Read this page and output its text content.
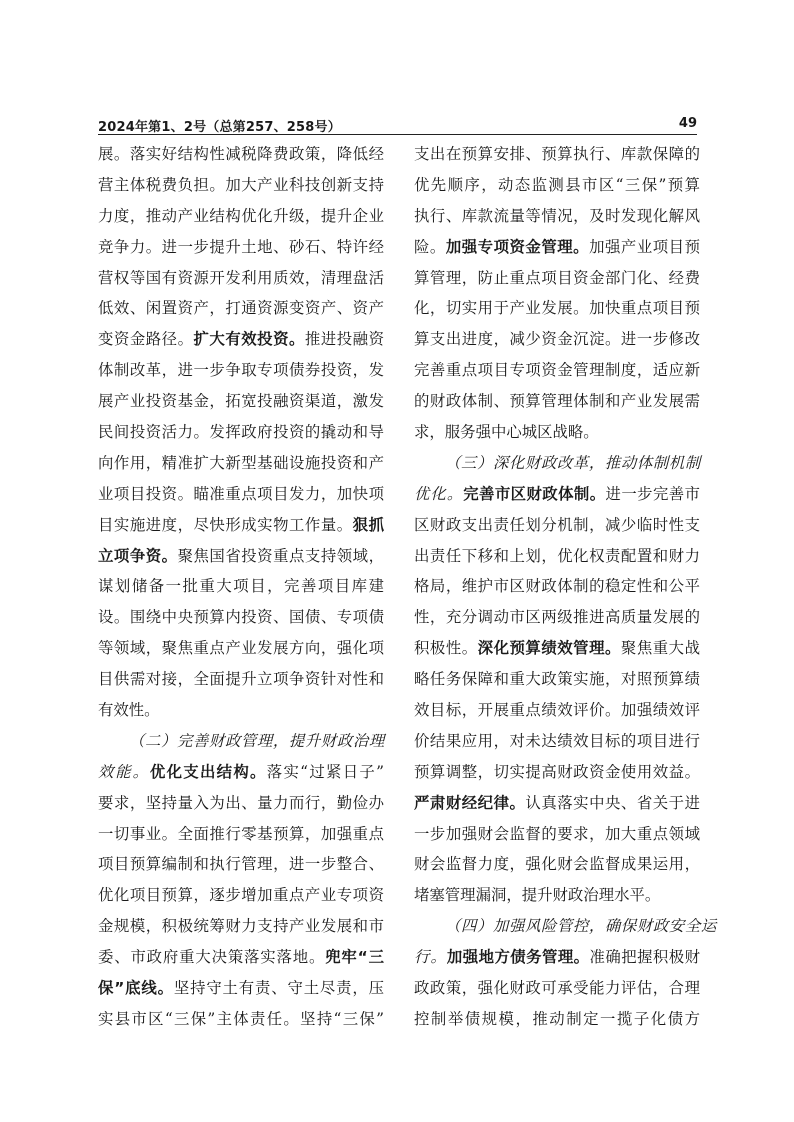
2024年第1、2号（总第257、258号）	49
展。落实好结构性减税降费政策，降低经
营主体税费负担。加大产业科技创新支持
力度，推动产业结构优化升级，提升企业
竞争力。进一步提升土地、砂石、特许经
营权等国有资源开发利用质效，清理盘活
低效、闲置资产，打通资源变资产、资产
变资金路径。扩大有效投资。推进投融资
体制改革，进一步争取专项债券投资，发
展产业投资基金，拓宽投融资渠道，激发
民间投资活力。发挥政府投资的撬动和导
向作用，精准扩大新型基础设施投资和产
业项目投资。瞄准重点项目发力，加快项
目实施进度，尽快形成实物工作量。狠抓
立项争资。聚焦国省投资重点支持领域，
谋划储备一批重大项目，完善项目库建
设。围绕中央预算内投资、国债、专项债
等领域，聚焦重点产业发展方向，强化项
目供需对接，全面提升立项争资针对性和
有效性。
（二）完善财政管理，提升财政治理
效能。优化支出结构。落实“过紧日子”
要求，坚持量入为出、量力而行，勤俭办
一切事业。全面推行零基预算，加强重点
项目预算编制和执行管理，进一步整合、
优化项目预算，逐步增加重点产业专项资
金规模，积极统筹财力支持产业发展和市
委、市政府重大决策落实落地。兜牢“三
保”底线。坚持守土有责、守土尽责，压
实县市区“三保”主体责任。坚持“三保”
支出在预算安排、预算执行、库款保障的
优先顺序，动态监测县市区“三保”预算
执行、库款流量等情况，及时发现化解风
险。加强专项资金管理。加强产业项目预
算管理，防止重点项目资金部门化、经费
化，切实用于产业发展。加快重点项目预
算支出进度，减少资金沉淀。进一步修改
完善重点项目专项资金管理制度，适应新
的财政体制、预算管理体制和产业发展需
求，服务强中心城区战略。
（三）深化财政改革，推动体制机制
优化。完善市区财政体制。进一步完善市
区财政支出责任划分机制，减少临时性支
出责任下移和上划，优化权责配置和财力
格局，维护市区财政体制的稳定性和公平
性，充分调动市区两级推进高质量发展的
积极性。深化预算绩效管理。聚焦重大战
略任务保障和重大政策实施，对照预算绩
效目标，开展重点绩效评价。加强绩效评
价结果应用，对未达绩效目标的项目进行
预算调整，切实提高财政资金使用效益。
严肃财经纪律。认真落实中央、省关于进
一步加强财会监督的要求，加大重点领域
财会监督力度，强化财会监督成果运用，
堵塞管理漏洞，提升财政治理水平。
（四）加强风险管控，确保财政安全运
行。加强地方债务管理。准确把握积极财
政政策，强化财政可承受能力评估，合理
控制举债规模，推动制定一揽子化债方
